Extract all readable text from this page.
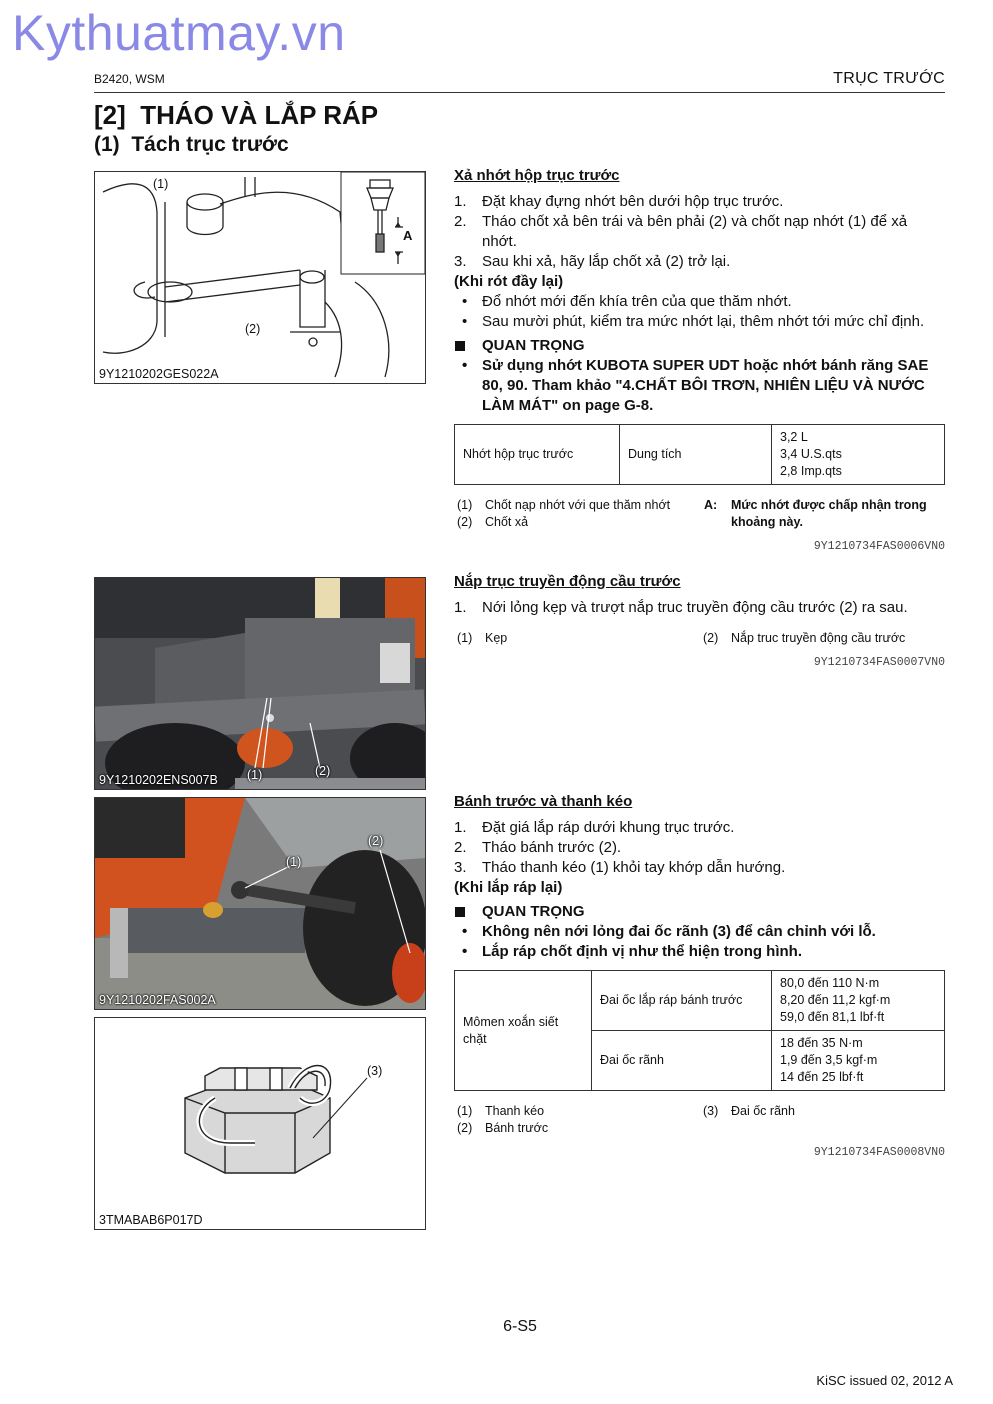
Kythuatmay.vn
B2420, WSM	TRỤC TRƯỚC
[2]  THÁO VÀ LẮP RÁP
(1)  Tách trục trước
(1)
(2)
A
9Y1210202GES022A
(1)	(2)
9Y1210202ENS007B
(1)
(2)
9Y1210202FAS002A
(3)
3TMABAB6P017D
Xả nhớt hộp trục trước
1. Đặt khay đựng nhớt bên dưới hộp trục trước.
2. Tháo chốt xả bên trái và bên phải (2) và chốt nạp nhớt (1) để xả nhớt.
3. Sau khi xả, hãy lắp chốt xả (2) trở lại.
(Khi rót đầy lại)
• Đổ nhớt mới đến khía trên của que thăm nhớt.
• Sau mười phút, kiểm tra mức nhớt lại, thêm nhớt tới mức chỉ định.
QUAN TRỌNG
• Sử dụng nhớt KUBOTA SUPER UDT hoặc nhớt bánh răng SAE 80, 90. Tham khảo "4.CHẤT BÔI TRƠN, NHIÊN LIỆU VÀ NƯỚC LÀM MÁT" on page G-8.
Nhớt hộp trục trước	Dung tích	
3,2 L
3,4 U.S.qts
2,8 Imp.qts
(1) Chốt nạp nhớt với que thăm nhớt
(2) Chốt xả
A: Mức nhớt được chấp nhận trong khoảng này.
9Y1210734FAS0006VN0
Nắp trục truyền động cầu trước
1. Nới lỏng kẹp và trượt nắp truc truyền động cầu trước (2) ra sau.
(1) Kẹp	(2) Nắp truc truyền động cầu trước
9Y1210734FAS0007VN0
Bánh trước và thanh kéo
1. Đặt giá lắp ráp dưới khung trục trước.
2. Tháo bánh trước (2).
3. Tháo thanh kéo (1) khỏi tay khớp dẫn hướng.
(Khi lắp ráp lại)
QUAN TRỌNG
• Không nên nới lỏng đai ốc rãnh (3) để cân chỉnh với lỗ.
• Lắp ráp chốt định vị như thể hiện trong hình.
Mômen xoắn siết chặt	Đai ốc lắp ráp bánh trước	80,0 đến 110 N·m
8,20 đến 11,2 kgf·m
59,0 đến 81,1 lbf·ft

	Đai ốc rãnh	18 đến 35 N·m
1,9 đến 3,5 kgf·m
14 đến 25 lbf·ft
(1) Thanh kéo
(2) Bánh trước
(3) Đai ốc rãnh
9Y1210734FAS0008VN0
6-S5
KiSC issued 02, 2012 A
